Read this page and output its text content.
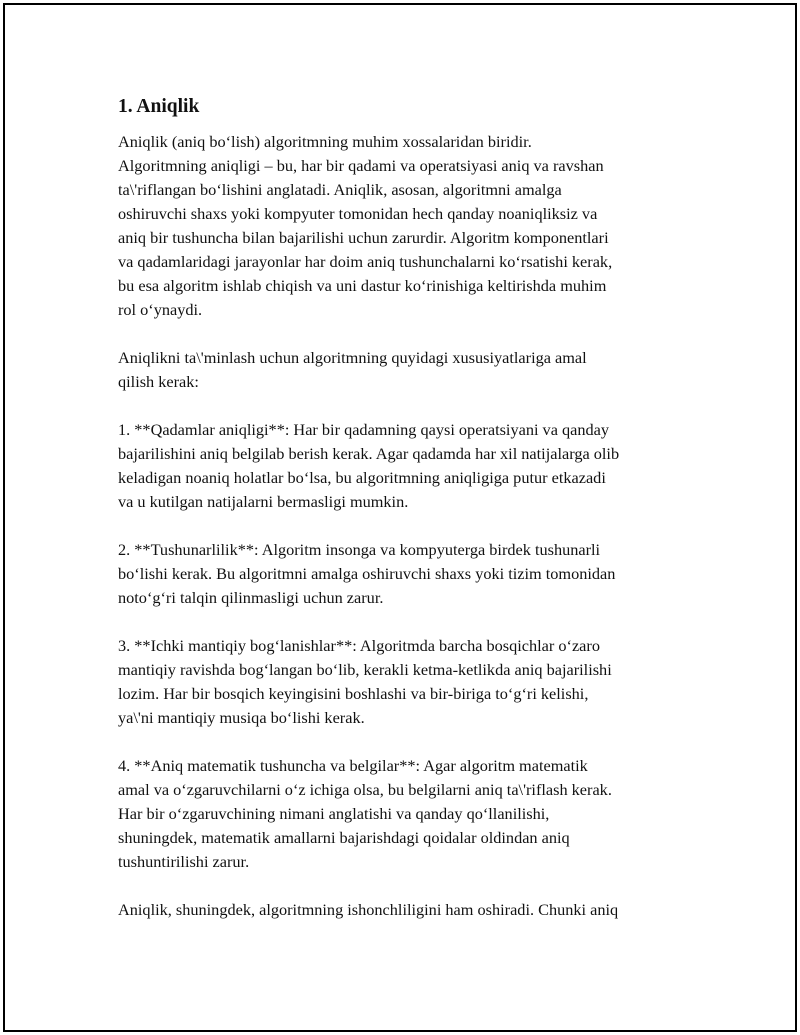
1. Aniqlik
Aniqlik (aniq bo‘lish) algoritmning muhim xossalaridan biridir.
Algoritmning aniqligi – bu, har bir qadami va operatsiyasi aniq va ravshan
ta\'riflangan bo‘lishini anglatadi. Aniqlik, asosan, algoritmni amalga
oshiruvchi shaxs yoki kompyuter tomonidan hech qanday noaniqliksiz va
aniq bir tushuncha bilan bajarilishi uchun zarurdir. Algoritm komponentlari
va qadamlaridagi jarayonlar har doim aniq tushunchalarni ko‘rsatishi kerak,
bu esa algoritm ishlab chiqish va uni dastur ko‘rinishiga keltirishda muhim
rol o‘ynaydi.
Aniqlikni ta\'minlash uchun algoritmning quyidagi xususiyatlariga amal
qilish kerak:
1. **Qadamlar aniqligi**: Har bir qadamning qaysi operatsiyani va qanday
bajarilishini aniq belgilab berish kerak. Agar qadamda har xil natijalarga olib
keladigan noaniq holatlar bo‘lsa, bu algoritmning aniqligiga putur etkazadi
va u kutilgan natijalarni bermasligi mumkin.
2. **Tushunarlilik**: Algoritm insonga va kompyuterga birdek tushunarli
bo‘lishi kerak. Bu algoritmni amalga oshiruvchi shaxs yoki tizim tomonidan
noto‘g‘ri talqin qilinmasligi uchun zarur.
3. **Ichki mantiqiy bog‘lanishlar**: Algoritmda barcha bosqichlar o‘zaro
mantiqiy ravishda bog‘langan bo‘lib, kerakli ketma-ketlikda aniq bajarilishi
lozim. Har bir bosqich keyingisini boshlashi va bir-biriga to‘g‘ri kelishi,
ya\'ni mantiqiy musiqa bo‘lishi kerak.
4. **Aniq matematik tushuncha va belgilar**: Agar algoritm matematik
amal va o‘zgaruvchilarni o‘z ichiga olsa, bu belgilarni aniq ta\'riflash kerak.
Har bir o‘zgaruvchining nimani anglatishi va qanday qo‘llanilishi,
shuningdek, matematik amallarni bajarishdagi qoidalar oldindan aniq
tushuntirilishi zarur.
Aniqlik, shuningdek, algoritmning ishonchliligini ham oshiradi. Chunki aniq
